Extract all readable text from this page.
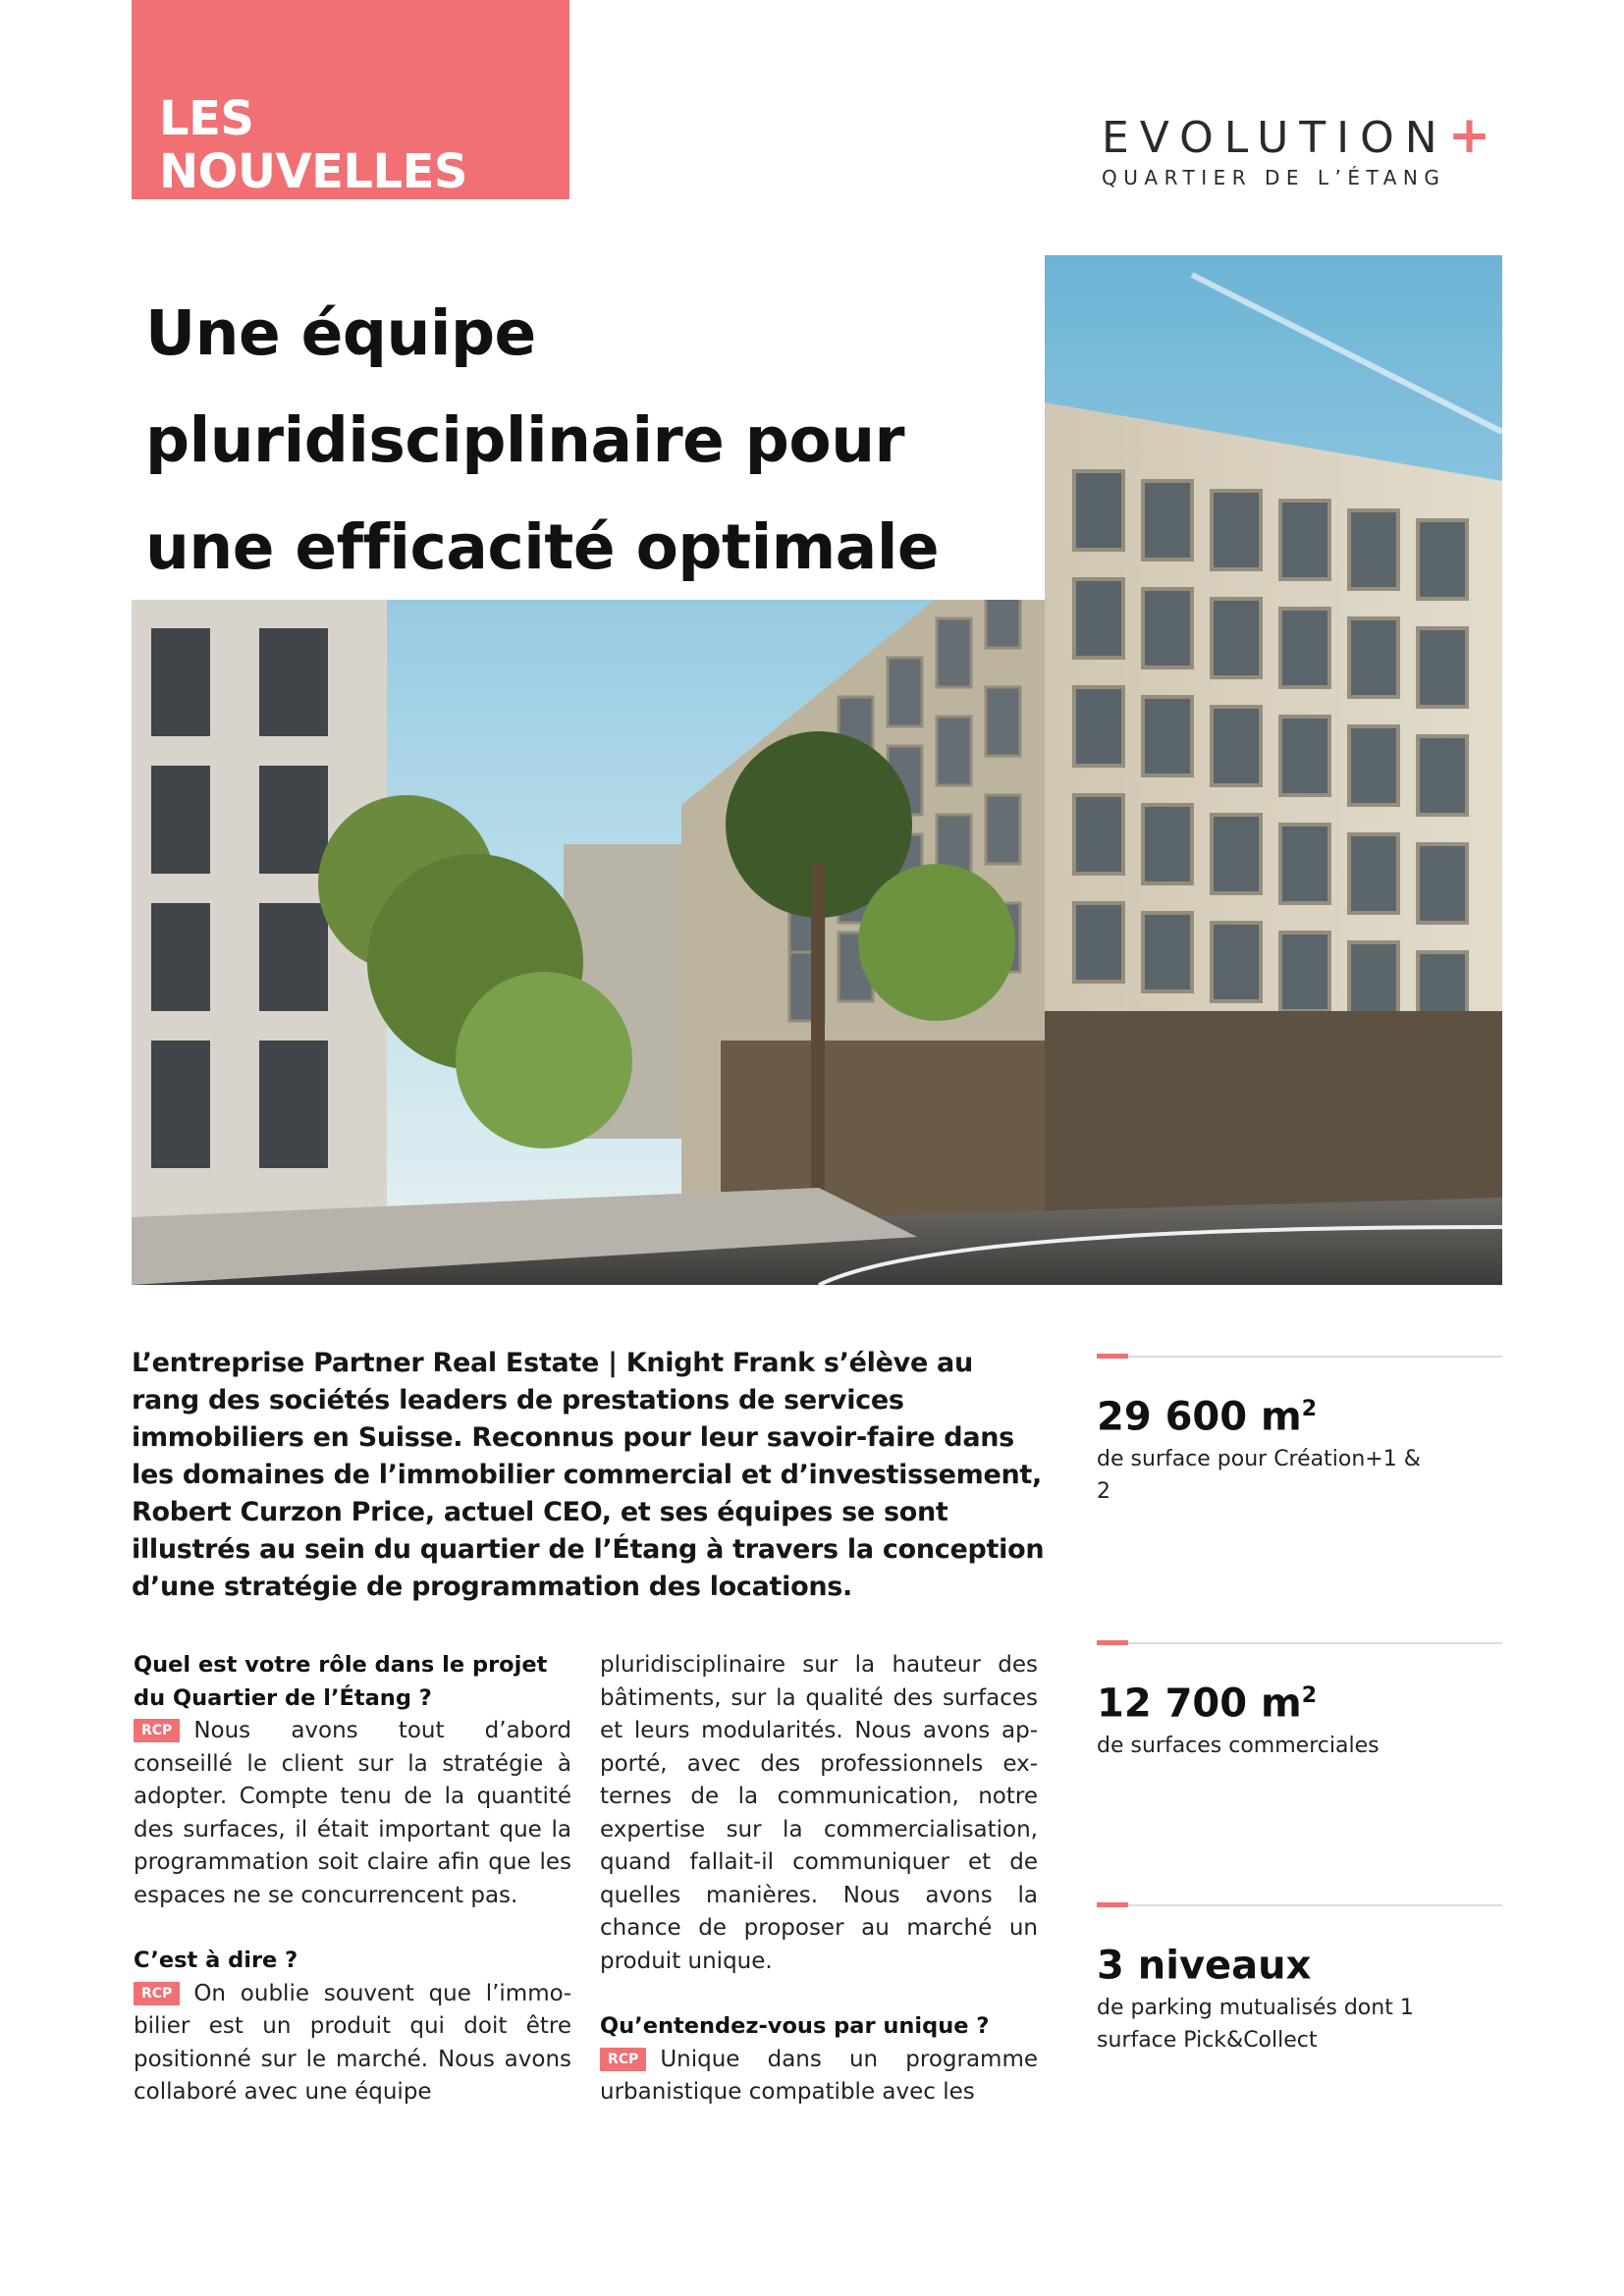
LES NOUVELLES
24.06.2020
EVOLUTION+
QUARTIER DE L’ÉTANG
Une équipe pluridisciplinaire pour une efficacité optimale

L’entreprise Partner Real Estate | Knight Frank s’élève au rang des sociétés leaders de prestations de services immobiliers en Suisse. Reconnus pour leur savoir-faire dans les domaines de l’immobilier commercial et d’investissement, Robert Curzon Price, actuel CEO, et ses équipes se sont illustrés au sein du quartier de l’Étang à travers la conception d’une stratégie de programmation des locations.

Quel est votre rôle dans le projet du Quartier de l’Étang ?

RCP Nous avons tout d’abord conseillé le client sur la stratégie à adopter. Compte tenu de la quantité des surfaces, il était important que la programmation soit claire afin que les espaces ne se concurrencent pas.

C’est à dire ?

RCP On oublie souvent que l’immobilier est un produit qui doit être positionné sur le marché. Nous avons collaboré avec une équipe

pluridisciplinaire sur la hauteur des bâtiments, sur la qualité des surfaces et leurs modularités. Nous avons apporté, avec des professionnels externes de la communication, notre expertise sur la commercialisation, quand fallait-il communiquer et de quelles manières. Nous avons la chance de proposer au marché un produit unique.

Qu’entendez-vous par unique ?

RCP Unique dans un programme urbanistique compatible avec les

29 600 $m^2$
de surface pour Création+1 & 2
12 700 $m^2$
de surfaces commerciales
3 niveaux
de parking mutualisés dont 1 surface Pick&Collect
